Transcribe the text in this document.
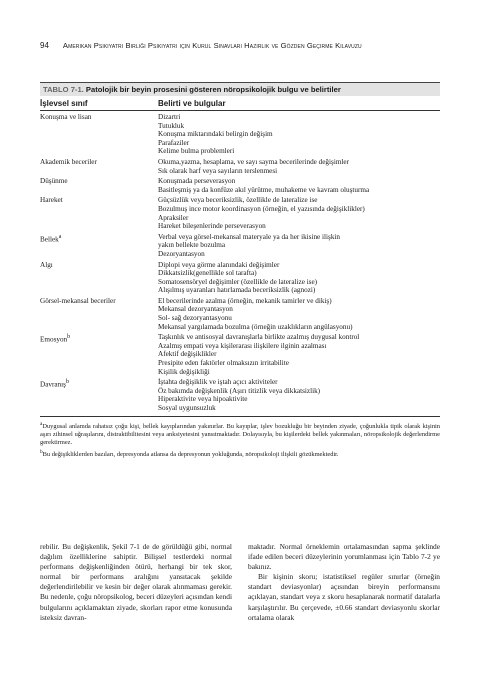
94 Amerikan Psikiyatri Birliği Psikiyatri için Kurul Sınavları Hazırlık ve Gözden Geçirme Kılavuzu
TABLO 7-1. Patolojik bir beyin prosesini gösteren nöropsikolojik bulgu ve belirtiler
İşlevsel sınıf	Belirti ve bulgular
Konuşma ve lisan	Dizartri
Tutukluk
Konuşma miktarındaki belirgin değişim
Parafaziler
Kelime bulma problemleri
Akademik beceriler	Okuma,yazma, hesaplama, ve sayı sayma becerilerinde değişimler
Sık olarak harf veya sayıların terslenmesi
Düşünme	Konuşmada perseverasyon
Basitleşmiş ya da konfüze akıl yürütme, muhakeme ve kavram oluşturma
Hareket	Güçsüzlük veya beceriksizlik, özellikle de lateralize ise
Bozulmuş ince motor koordinasyon (örneğin, el yazısında değişiklikler)
Apraksiler
Hareket bileşenlerinde perseverasyon
Bellek$^a$	Verbal veya görsel-mekansal materyale ya da her ikisine ilişkin
yakın bellekte bozulma
Dezoryantasyon
Algı	Diplopi veya görme alanındaki değişimler
Dikkatsizlik(genellikle sol tarafta)
Somatosensöryel değişimler (özellikle de lateralize ise)
Alışılmış uyaranları hatırlamada beceriksizlik (agnozi)
Görsel-mekansal beceriler	El becerilerinde azalma (örneğin, mekanik tamirler ve dikiş)
Mekansal dezoryantasyon
Sol- sağ dezoryantasyonu
Mekansal yargılamada bozulma (örneğin uzaklıkların angülasyonu)
Emosyon$^b$	Taşkınlık ve antisosyal davranışlarla birlikte azalmış duygusal kontrol
Azalmış empati veya kişilerarası ilişkilere ilginin azalması
Afektif değişiklikler
Presipite eden faktörler olmaksızın irritabilite
Kişilik değişikliği
Davranış$^b$	İştahta değişiklik ve iştah açıcı aktiviteler
Öz bakımda değişkenlik (Aşırı titizlik veya dikkatsizlik)
Hiperaktivite veya hipoaktivite
Sosyal uygunsuzluk

$^a$Duygusal anlamda rahatsız çoğu kişi, bellek kayıplarından yakınırlar. Bu kayıplar, işlev bozukluğu bir beyinden ziyade, çoğunlukla tipik olarak kişinin aşırı zihinsel uğraşılarını, distraktibilitesini veya anksiyetesini yansıtmaktadır. Dolayısıyla, bu kişilerdeki bellek yakınmaları, nöropsikolojik değerlendirme gerektirmez.

$^b$Bu değişikliklerden bazıları, depresyonda atlansa da depresyonun yokluğunda, nöropsikoloji ilişkili gözükmektedir.

rebilir. Bu değişkenlik, Şekil 7-1 de de görüldüğü gibi, normal dağılım özelliklerine sahiptir. Bilişsel testlerdeki normal performans değişkenliğinden ötürü, herhangi bir tek skor, normal bir performans aralığını yansıtacak şekilde değerlendirilebilir ve kesin bir değer olarak alınmaması gerekir. Bu nedenle, çoğu nöropsikolog, beceri düzeyleri açısından kendi bulgularını açıklamaktan ziyade, skorları rapor etme konusunda isteksiz davran-

maktadır. Normal örneklemin ortalamasından sapma şeklinde ifade edilen beceri düzeylerinin yorumlanması için Tablo 7-2 ye bakınız.

Bir kişinin skoru; istatistiksel regüler sınırlar (örneğin standart deviasyonlar) açısından bireyin performansını açıklayan, standart veya z skoru hesaplanarak normatif datalarla karşılaştırılır. Bu çerçevede, ±0.66 standart deviasyonlu skorlar ortalama olarak
